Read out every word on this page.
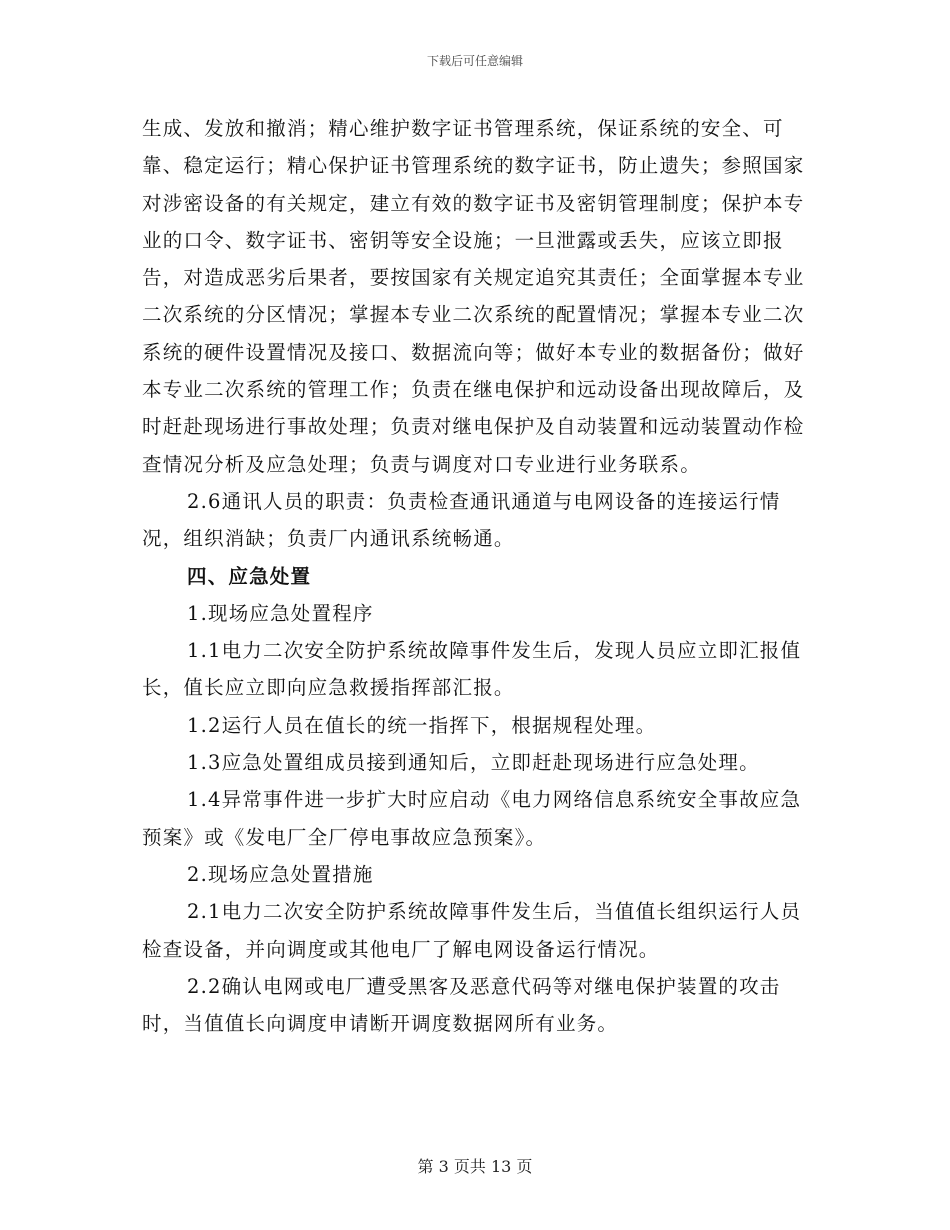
下载后可任意编辑

生成、发放和撤消；精心维护数字证书管理系统，保证系统的安全、可靠、稳定运行；精心保护证书管理系统的数字证书，防止遗失；参照国家对涉密设备的有关规定，建立有效的数字证书及密钥管理制度；保护本专业的口令、数字证书、密钥等安全设施；一旦泄露或丢失，应该立即报告，对造成恶劣后果者，要按国家有关规定追究其责任；全面掌握本专业二次系统的分区情况；掌握本专业二次系统的配置情况；掌握本专业二次系统的硬件设置情况及接口、数据流向等；做好本专业的数据备份；做好本专业二次系统的管理工作；负责在继电保护和远动设备出现故障后，及时赶赴现场进行事故处理；负责对继电保护及自动装置和远动装置动作检查情况分析及应急处理；负责与调度对口专业进行业务联系。

2.6通讯人员的职责：负责检查通讯通道与电网设备的连接运行情况，组织消缺；负责厂内通讯系统畅通。

四、应急处置

1.现场应急处置程序

1.1电力二次安全防护系统故障事件发生后，发现人员应立即汇报值长，值长应立即向应急救援指挥部汇报。

1.2运行人员在值长的统一指挥下，根据规程处理。

1.3应急处置组成员接到通知后，立即赶赴现场进行应急处理。

1.4异常事件进一步扩大时应启动《电力网络信息系统安全事故应急预案》或《发电厂全厂停电事故应急预案》。

2.现场应急处置措施

2.1电力二次安全防护系统故障事件发生后，当值值长组织运行人员检查设备，并向调度或其他电厂了解电网设备运行情况。

2.2确认电网或电厂遭受黑客及恶意代码等对继电保护装置的攻击时，当值值长向调度申请断开调度数据网所有业务。

第 3 页共 13 页
